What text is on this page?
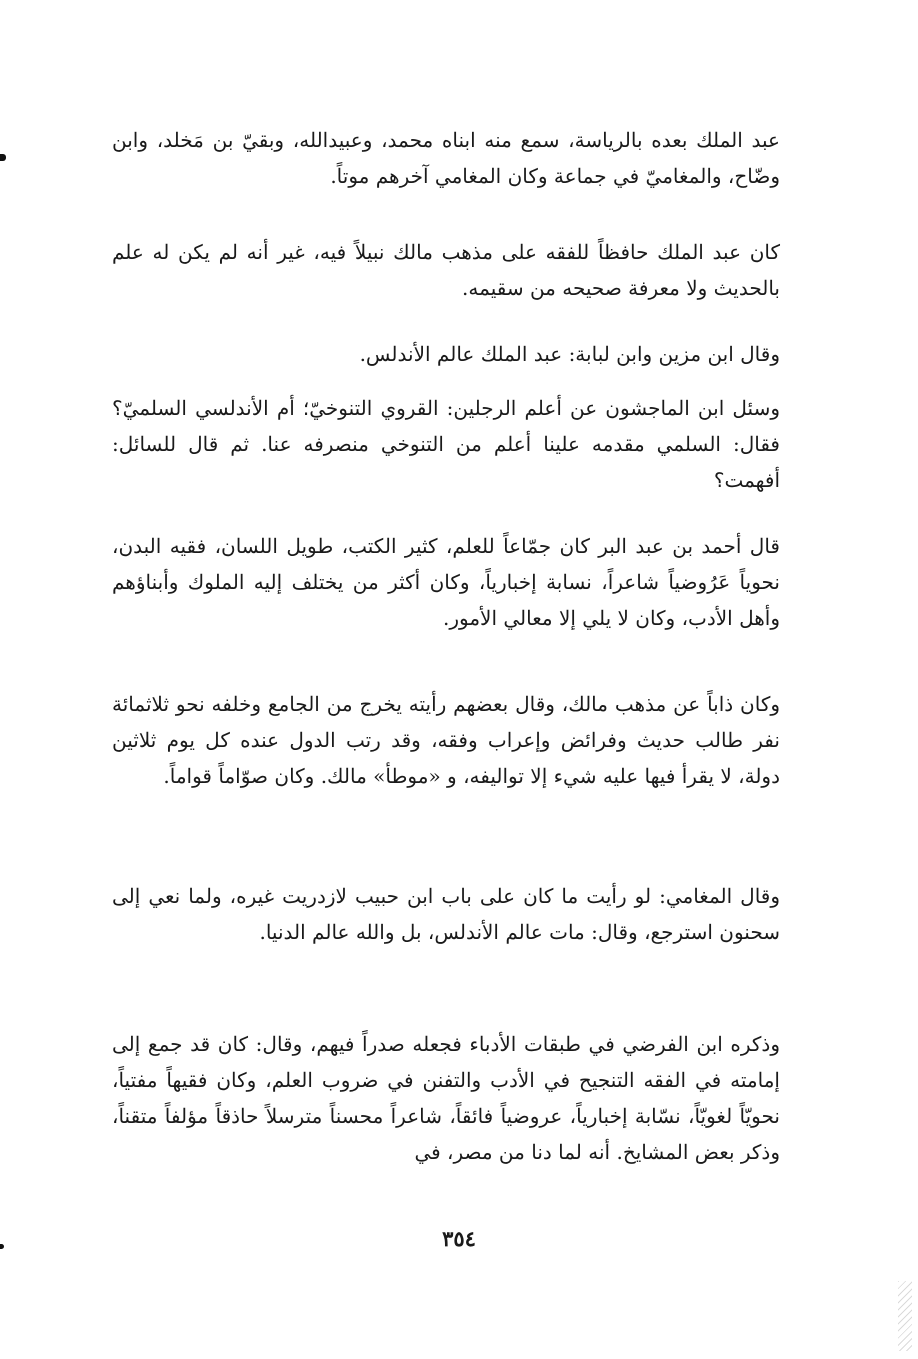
عبد الملك بعده بالرياسة، سمع منه ابناه محمد، وعبيدالله، وبقيّ بن مَخلد، وابن وضّاح، والمغاميّ في جماعة وكان المغامي آخرهم موتاً.

كان عبد الملك حافظاً للفقه على مذهب مالك نبيلاً فيه، غير أنه لم يكن له علم بالحديث ولا معرفة صحيحه من سقيمه.

وقال ابن مزين وابن لبابة: عبد الملك عالم الأندلس.

وسئل ابن الماجشون عن أعلم الرجلين: القروي التنوخيّ؛ أم الأندلسي السلميّ؟ فقال: السلمي مقدمه علينا أعلم من التنوخي منصرفه عنا. ثم قال للسائل: أفهمت؟

قال أحمد بن عبد البر كان جمّاعاً للعلم، كثير الكتب، طويل اللسان، فقيه البدن، نحوياً عَرُوضياً شاعراً، نسابة إخبارياً، وكان أكثر من يختلف إليه الملوك وأبناؤهم وأهل الأدب، وكان لا يلي إلا معالي الأمور.

وكان ذاباً عن مذهب مالك، وقال بعضهم رأيته يخرج من الجامع وخلفه نحو ثلاثمائة نفر طالب حديث وفرائض وإعراب وفقه، وقد رتب الدول عنده كل يوم ثلاثين دولة، لا يقرأ فيها عليه شيء إلا تواليفه، و «موطأ» مالك. وكان صوّاماً قواماً.

وقال المغامي: لو رأيت ما كان على باب ابن حبيب لازدريت غيره، ولما نعي إلى سحنون استرجع، وقال: مات عالم الأندلس، بل والله عالم الدنيا.

وذكره ابن الفرضي في طبقات الأدباء فجعله صدراً فيهم، وقال: كان قد جمع إلى إمامته في الفقه التنجيح في الأدب والتفنن في ضروب العلم، وكان فقيهاً مفتياً، نحويّاً لغويّاً، نسّابة إخبارياً، عروضياً فائقاً، شاعراً محسناً مترسلاً حاذقاً مؤلفاً متقناً، وذكر بعض المشايخ. أنه لما دنا من مصر، في

٣٥٤
